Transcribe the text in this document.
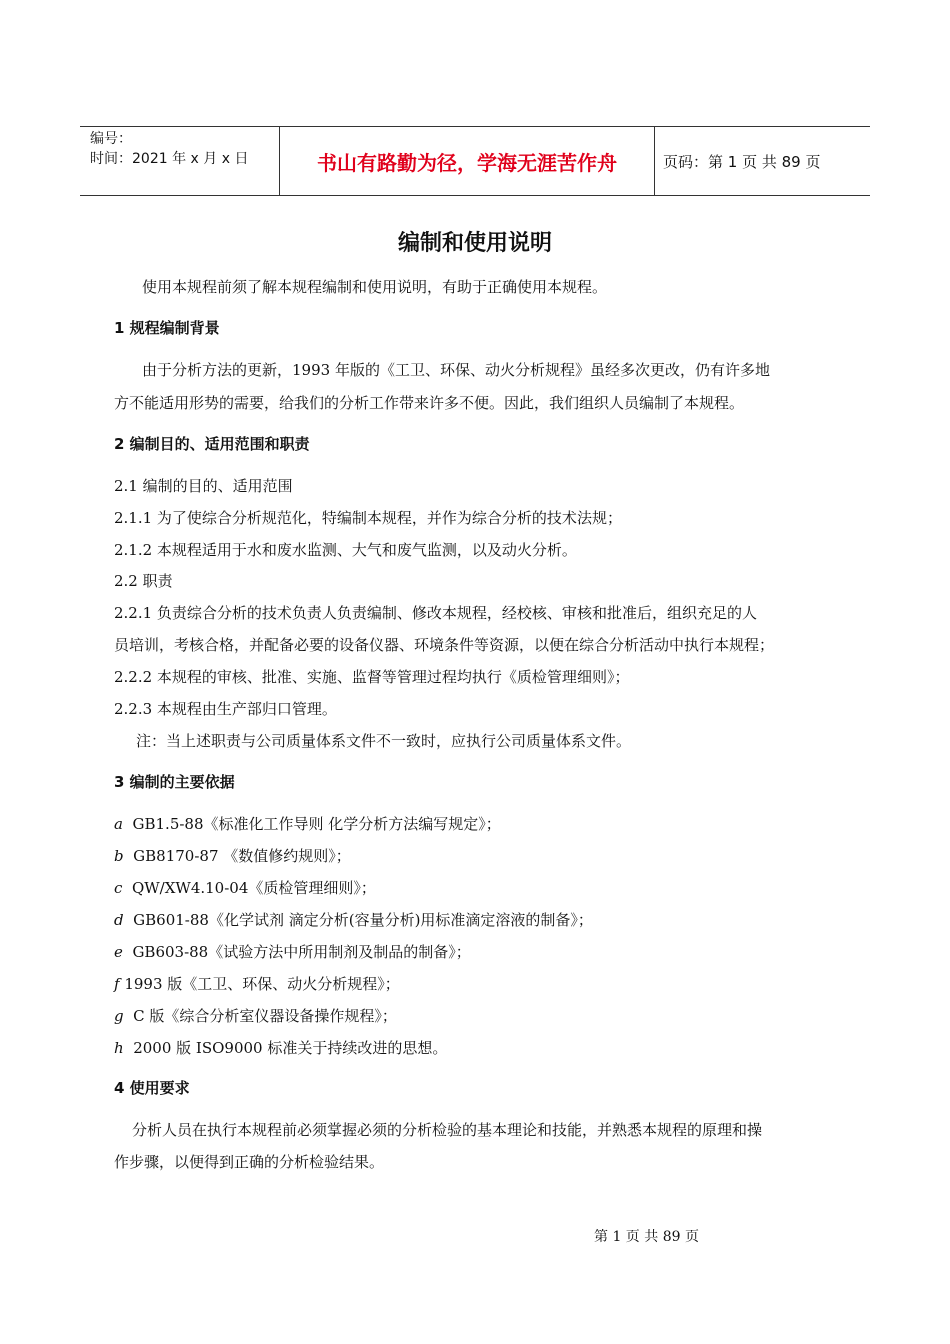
编号：
时间：2021 年 x 月 x 日	书山有路勤为径，学海无涯苦作舟	页码：第 1 页 共 89 页
编制和使用说明
使用本规程前须了解本规程编制和使用说明，有助于正确使用本规程。
1 规程编制背景
由于分析方法的更新，1993 年版的《工卫、环保、动火分析规程》虽经多次更改，仍有许多地
方不能适用形势的需要，给我们的分析工作带来许多不便。因此，我们组织人员编制了本规程。
2 编制目的、适用范围和职责
2.1 编制的目的、适用范围
2.1.1 为了使综合分析规范化，特编制本规程，并作为综合分析的技术法规；
2.1.2 本规程适用于水和废水监测、大气和废气监测，以及动火分析。
2.2 职责
2.2.1 负责综合分析的技术负责人负责编制、修改本规程，经校核、审核和批准后，组织充足的人
员培训，考核合格，并配备必要的设备仪器、环境条件等资源，以便在综合分析活动中执行本规程；
2.2.2 本规程的审核、批准、实施、监督等管理过程均执行《质检管理细则》；
2.2.3 本规程由生产部归口管理。
注：当上述职责与公司质量体系文件不一致时，应执行公司质量体系文件。
3 编制的主要依据
a GB1.5-88《标准化工作导则 化学分析方法编写规定》；
b GB8170-87 《数值修约规则》；
c QW/XW4.10-04《质检管理细则》；
d GB601-88《化学试剂 滴定分析(容量分析)用标准滴定溶液的制备》；
e GB603-88《试验方法中所用制剂及制品的制备》；
f 1993 版《工卫、环保、动火分析规程》；
g C 版《综合分析室仪器设备操作规程》；
h 2000 版 ISO9000 标准关于持续改进的思想。
4 使用要求
分析人员在执行本规程前必须掌握必须的分析检验的基本理论和技能，并熟悉本规程的原理和操
作步骤，以便得到正确的分析检验结果。
第 1 页 共 89 页
